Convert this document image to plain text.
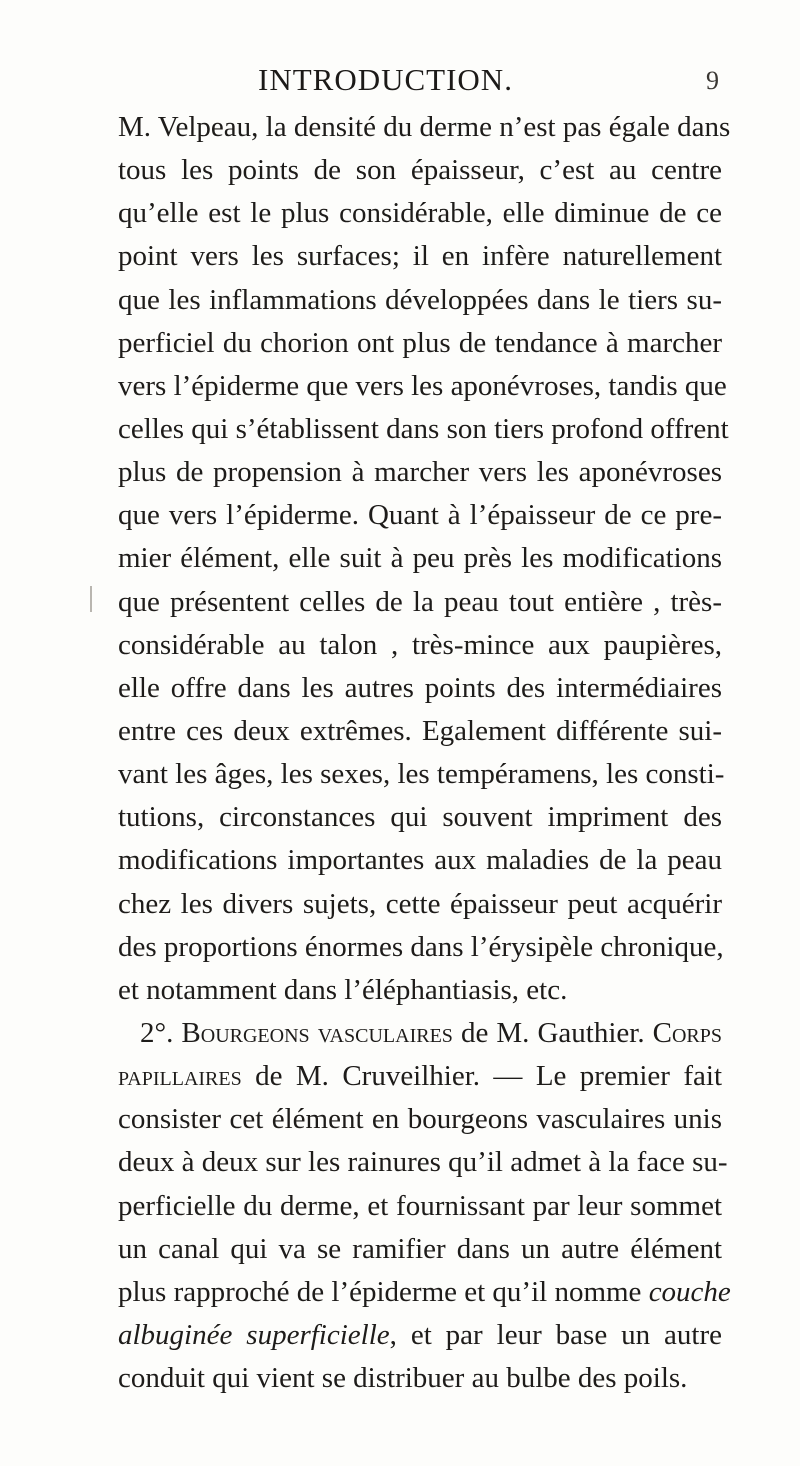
INTRODUCTION.	9
M. Velpeau, la densité du derme n’est pas égale dans
tous les points de son épaisseur, c’est au centre
qu’elle est le plus considérable, elle diminue de ce
point vers les surfaces; il en infère naturellement
que les inflammations développées dans le tiers su-
perficiel du chorion ont plus de tendance à marcher
vers l’épiderme que vers les aponévroses, tandis que
celles qui s’établissent dans son tiers profond offrent
plus de propension à marcher vers les aponévroses
que vers l’épiderme. Quant à l’épaisseur de ce pre-
mier élément, elle suit à peu près les modifications
que présentent celles de la peau tout entière , très-
considérable au talon , très-mince aux paupières,
elle offre dans les autres points des intermédiaires
entre ces deux extrêmes. Egalement différente sui-
vant les âges, les sexes, les tempéramens, les consti-
tutions, circonstances qui souvent impriment des
modifications importantes aux maladies de la peau
chez les divers sujets, cette épaisseur peut acquérir
des proportions énormes dans l’érysipèle chronique,
et notamment dans l’éléphantiasis, etc.
2°. Bourgeons vasculaires de M. Gauthier. Corps
papillaires de M. Cruveilhier. — Le premier fait
consister cet élément en bourgeons vasculaires unis
deux à deux sur les rainures qu’il admet à la face su-
perficielle du derme, et fournissant par leur sommet
un canal qui va se ramifier dans un autre élément
plus rapproché de l’épiderme et qu’il nomme couche
albuginée superficielle, et par leur base un autre
conduit qui vient se distribuer au bulbe des poils.
